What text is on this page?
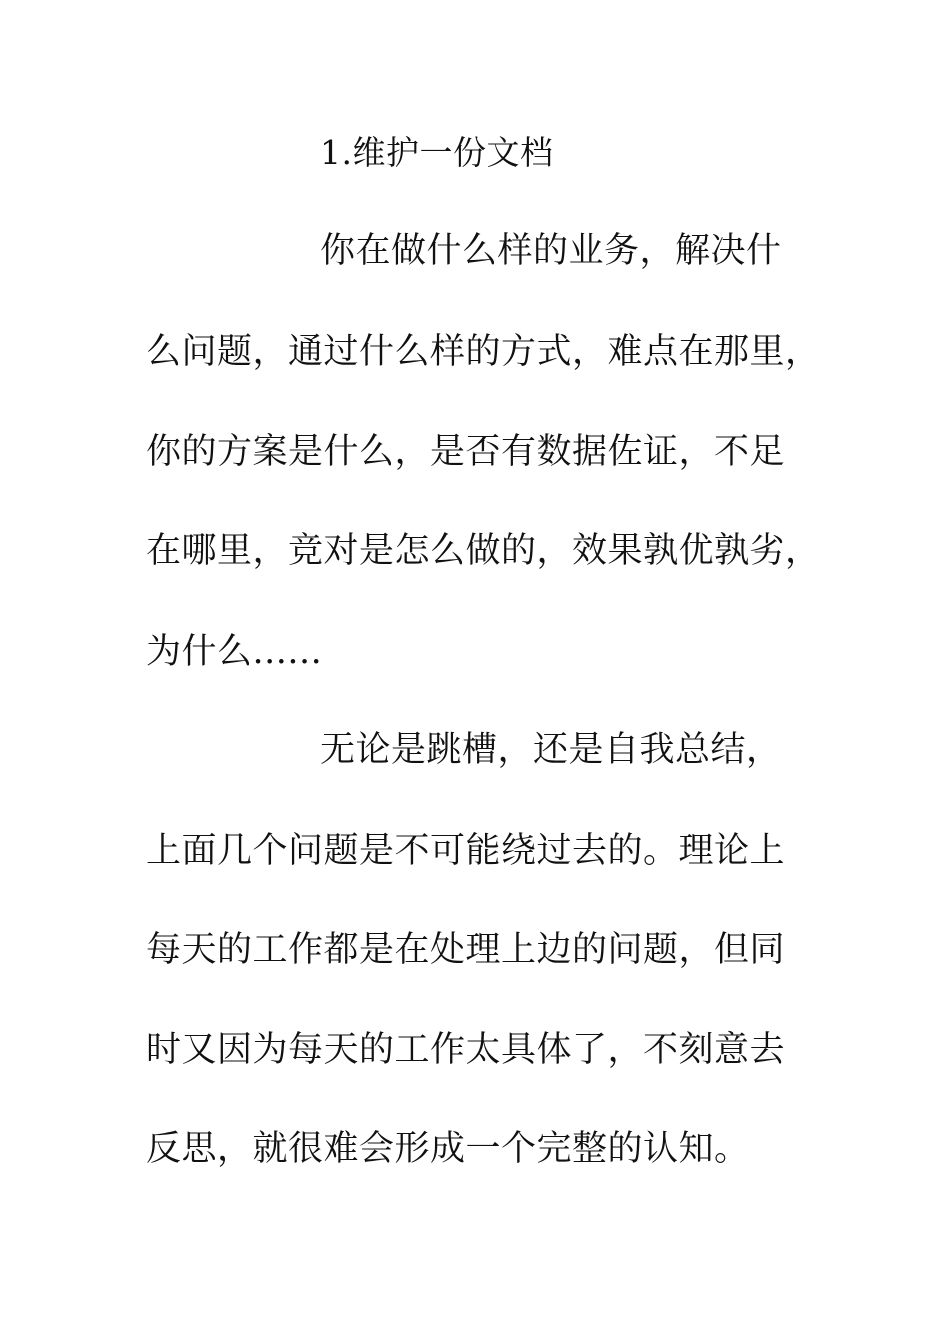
1.维护一份文档
你在做什么样的业务，解决什
么问题，通过什么样的方式，难点在那里，
你的方案是什么，是否有数据佐证，不足
在哪里，竞对是怎么做的，效果孰优孰劣，
为什么......
无论是跳槽，还是自我总结，
上面几个问题是不可能绕过去的。理论上
每天的工作都是在处理上边的问题，但同
时又因为每天的工作太具体了，不刻意去
反思，就很难会形成一个完整的认知。
